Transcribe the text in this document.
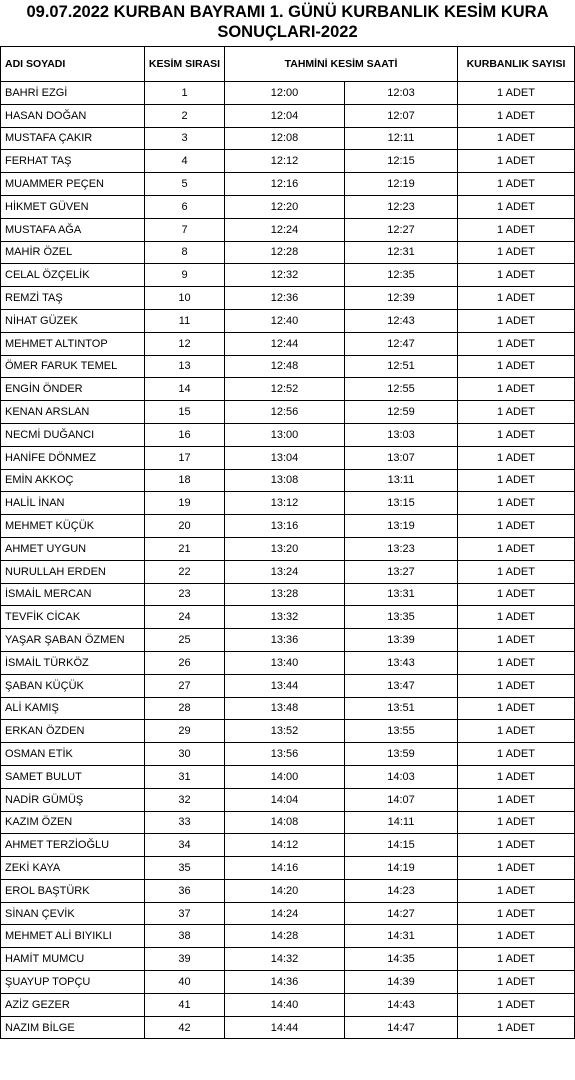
09.07.2022 KURBAN BAYRAMI 1. GÜNÜ KURBANLIK KESİM KURA
SONUÇLARI-2022
ADI SOYADI	KESİM SIRASI	TAHMİNİ KESİM SAATİ		KURBANLIK SAYISI
BAHRİ EZGİ	1	12:00	12:03	1 ADET
HASAN DOĞAN	2	12:04	12:07	1 ADET
MUSTAFA ÇAKIR	3	12:08	12:11	1 ADET
FERHAT TAŞ	4	12:12	12:15	1 ADET
MUAMMER PEÇEN	5	12:16	12:19	1 ADET
HİKMET GÜVEN	6	12:20	12:23	1 ADET
MUSTAFA AĞA	7	12:24	12:27	1 ADET
MAHİR ÖZEL	8	12:28	12:31	1 ADET
CELAL ÖZÇELİK	9	12:32	12:35	1 ADET
REMZİ TAŞ	10	12:36	12:39	1 ADET
NİHAT GÜZEK	11	12:40	12:43	1 ADET
MEHMET ALTINTOP	12	12:44	12:47	1 ADET
ÖMER FARUK TEMEL	13	12:48	12:51	1 ADET
ENGİN ÖNDER	14	12:52	12:55	1 ADET
KENAN ARSLAN	15	12:56	12:59	1 ADET
NECMİ DUĞANCI	16	13:00	13:03	1 ADET
HANİFE DÖNMEZ	17	13:04	13:07	1 ADET
EMİN AKKOÇ	18	13:08	13:11	1 ADET
HALİL İNAN	19	13:12	13:15	1 ADET
MEHMET KÜÇÜK	20	13:16	13:19	1 ADET
AHMET UYGUN	21	13:20	13:23	1 ADET
NURULLAH ERDEN	22	13:24	13:27	1 ADET
İSMAİL MERCAN	23	13:28	13:31	1 ADET
TEVFİK CİCAK	24	13:32	13:35	1 ADET
YAŞAR ŞABAN ÖZMEN	25	13:36	13:39	1 ADET
İSMAİL TÜRKÖZ	26	13:40	13:43	1 ADET
ŞABAN KÜÇÜK	27	13:44	13:47	1 ADET
ALİ KAMIŞ	28	13:48	13:51	1 ADET
ERKAN ÖZDEN	29	13:52	13:55	1 ADET
OSMAN ETİK	30	13:56	13:59	1 ADET
SAMET BULUT	31	14:00	14:03	1 ADET
NADİR GÜMÜŞ	32	14:04	14:07	1 ADET
KAZIM ÖZEN	33	14:08	14:11	1 ADET
AHMET TERZİOĞLU	34	14:12	14:15	1 ADET
ZEKİ KAYA	35	14:16	14:19	1 ADET
EROL BAŞTÜRK	36	14:20	14:23	1 ADET
SİNAN ÇEVİK	37	14:24	14:27	1 ADET
MEHMET ALİ BIYIKLI	38	14:28	14:31	1 ADET
HAMİT MUMCU	39	14:32	14:35	1 ADET
ŞUAYUP TOPÇU	40	14:36	14:39	1 ADET
AZİZ GEZER	41	14:40	14:43	1 ADET
NAZIM BİLGE	42	14:44	14:47	1 ADET
